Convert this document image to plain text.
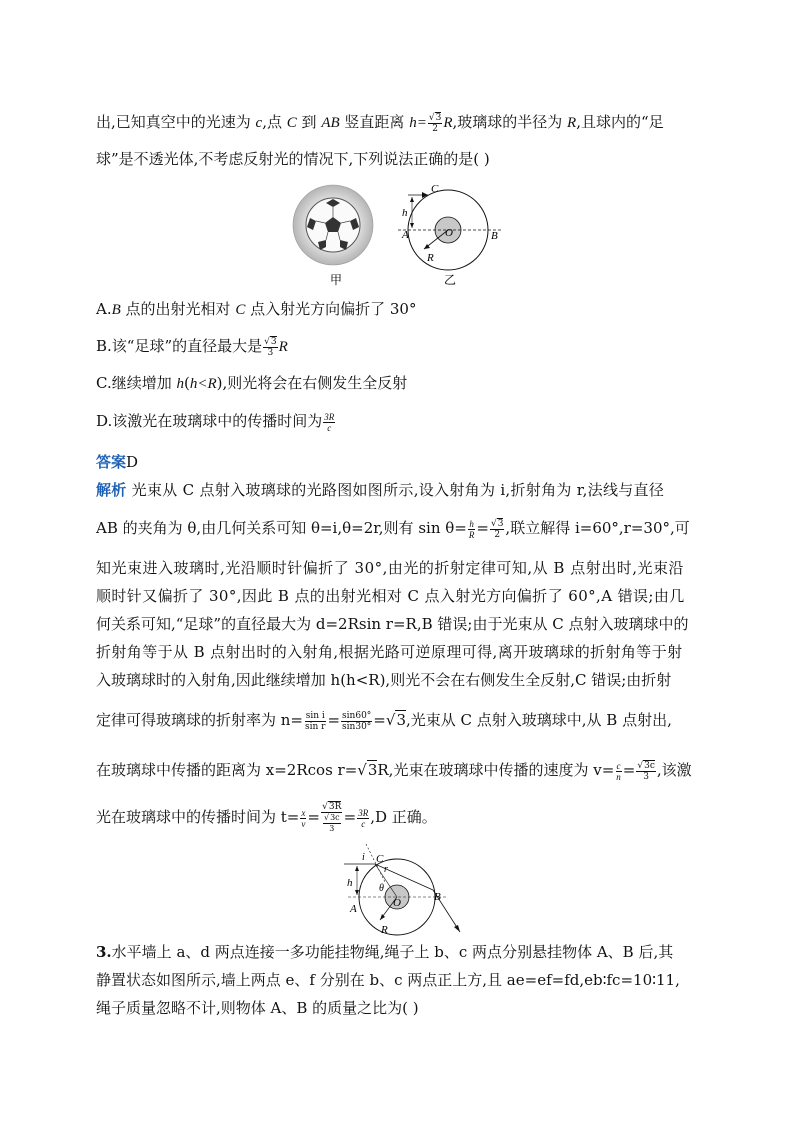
出,已知真空中的光速为 c,点 C 到 AB 竖直距离 h= √ $\frac{3}{2} R$,玻璃球的半径为 R,且球内的“足
球”是不透光体,不考虑反射光的情况下,下列说法正确的是( )
甲
C
h
A	O	B
R
乙
A.B 点的出射光相对 C 点入射光方向偏折了 30°
B.该“足球”的直径最大是 √ $\frac{3}{3}$ R
C.继续增加 h(h<R),则光将会在右侧发生全反射
D.该激光在玻璃球中的传播时间为 $\frac{3R}{c}$
答案D
解析 光束从 C 点射入玻璃球的光路图如图所示,设入射角为 i,折射角为 r,法线与直径
AB 的夹角为 θ,由几何关系可知 θ=i,θ=2r,则有 $\sin \theta= \frac{h}{R}$ = √ $\frac{3}{2}$ ,联立解得 i=60°,r=30°,可
知光束进入玻璃时,光沿顺时针偏折了 30°,由光的折射定律可知,从 B 点射出时,光束沿
顺时针又偏折了 30°,因此 B 点的出射光相对 C 点入射光方向偏折了 60°,A 错误;由几
何关系可知,“足球”的直径最大为 d=2Rsin r=R,B 错误;由于光束从 C 点射入玻璃球中的
折射角等于从 B 点射出时的入射角,根据光路可逆原理可得,离开玻璃球的折射角等于射
入玻璃球时的入射角,因此继续增加 h(h<R),则光不会在右侧发生全反射,C 错误;由折射
定律可得玻璃球的折射率为 $n= \frac{\text{sin i}}{\text{sin r}} = \frac{\sin 60^\circ}{\sin 30^\circ}$ = √ 3,光束从 C 点射入玻璃球中,从 B 点射出,
在玻璃球中传播的距离为 x=2Rcos r= √ 3R,光束在玻璃球中传播的速度为 $v= \frac{c}{n}$ = √ $\frac{3c}{3}$ ,该激
光在玻璃球中的传播时间为 $t= \frac{x}{v}$ = √ 3R
√ $\frac{3c}{3} = \frac{3R}{c} ,D$ 正确。
i C
r
h	θ
A	O
R
B
3.水平墙上 a、d 两点连接一多功能挂物绳,绳子上 b、c 两点分别悬挂物体 A、B 后,其
静置状态如图所示,墙上两点 e、f 分别在 b、c 两点正上方,且 ae=ef=fd,eb∶fc=10∶11,
绳子质量忽略不计,则物体 A、B 的质量之比为( )
